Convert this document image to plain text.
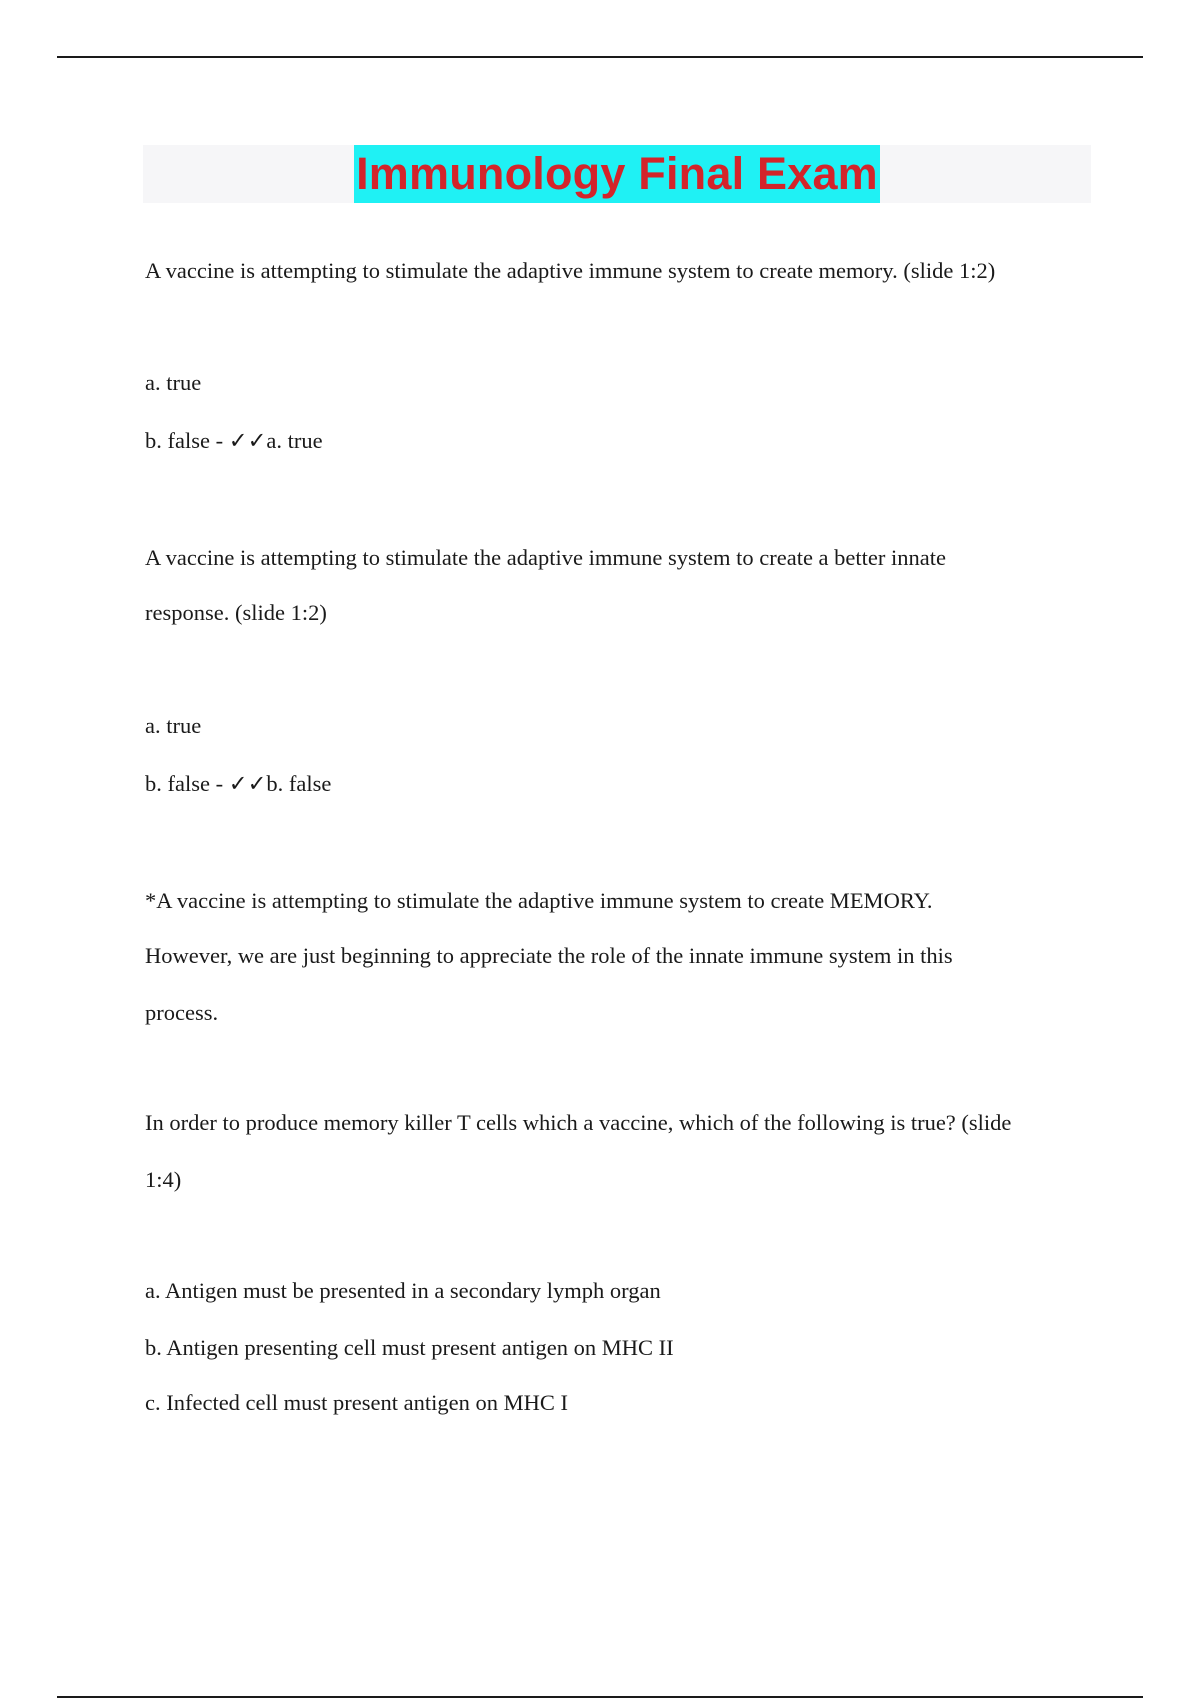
Immunology Final Exam
A vaccine is attempting to stimulate the adaptive immune system to create memory. (slide 1:2)
a. true
b. false - ✓✓a. true
A vaccine is attempting to stimulate the adaptive immune system to create a better innate
response. (slide 1:2)
a. true
b. false - ✓✓b. false
*A vaccine is attempting to stimulate the adaptive immune system to create MEMORY.
However, we are just beginning to appreciate the role of the innate immune system in this
process.
In order to produce memory killer T cells which a vaccine, which of the following is true? (slide
1:4)
a. Antigen must be presented in a secondary lymph organ
b. Antigen presenting cell must present antigen on MHC II
c. Infected cell must present antigen on MHC I
